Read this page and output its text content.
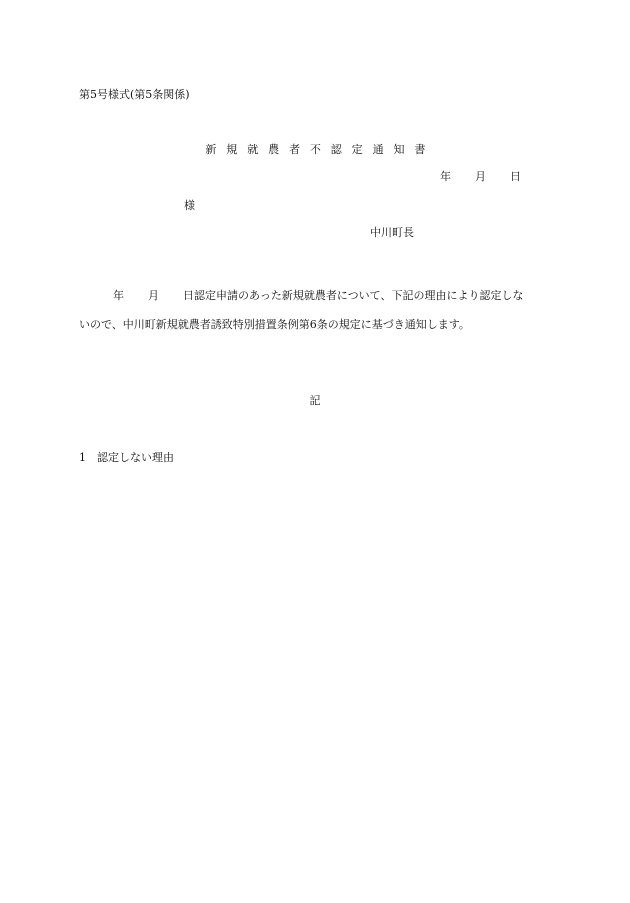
第5号様式(第5条関係)
新 規 就 農 者 不 認 定 通 知 書
年 月 日
様
中川町長
年 月 日認定申請のあった新規就農者について、下記の理由により認定しな
いので、中川町新規就農者誘致特別措置条例第6条の規定に基づき通知します。
記
1 認定しない理由
